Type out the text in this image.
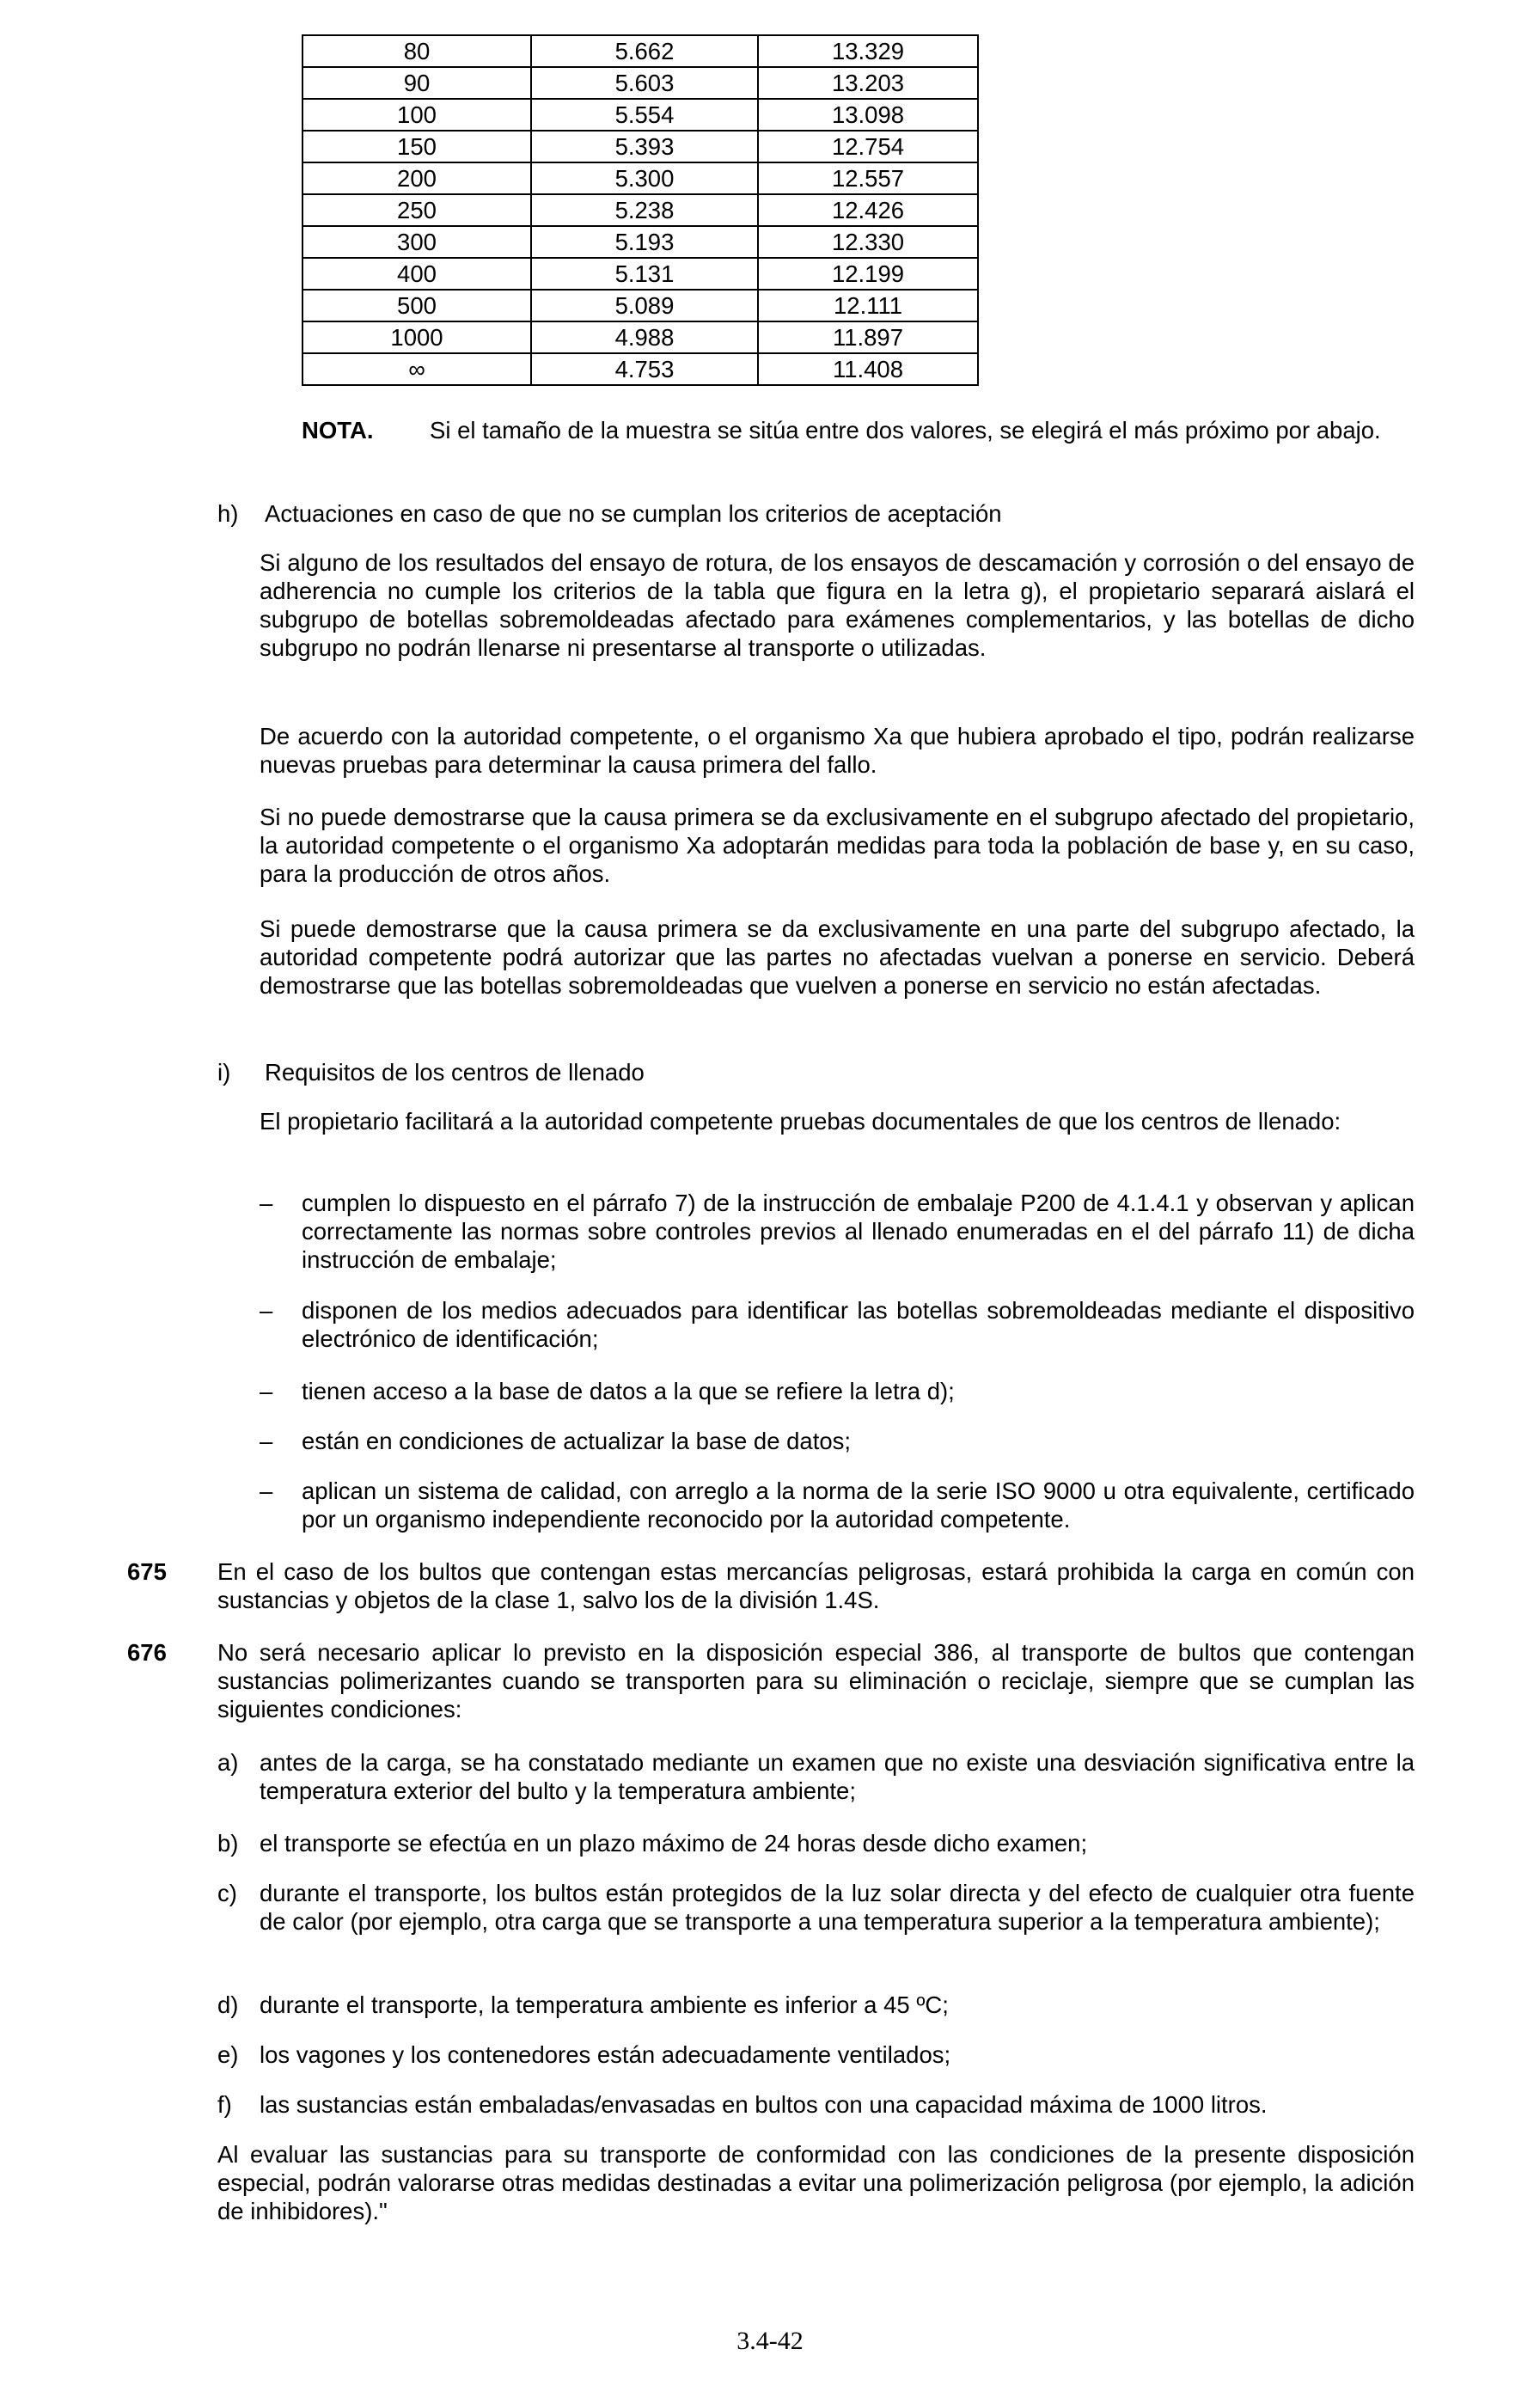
80	5.662	13.329
90	5.603	13.203
100	5.554	13.098
150	5.393	12.754
200	5.300	12.557
250	5.238	12.426
300	5.193	12.330
400	5.131	12.199
500	5.089	12.111
1000	4.988	11.897
∞	4.753	11.408
NOTA. Si el tamaño de la muestra se sitúa entre dos valores, se elegirá el más próximo por abajo.
h) Actuaciones en caso de que no se cumplan los criterios de aceptación
Si alguno de los resultados del ensayo de rotura, de los ensayos de descamación y corrosión o del ensayo de adherencia no cumple los criterios de la tabla que figura en la letra g), el propietario separará aislará el subgrupo de botellas sobremoldeadas afectado para exámenes complementarios, y las botellas de dicho subgrupo no podrán llenarse ni presentarse al transporte o utilizadas.
De acuerdo con la autoridad competente, o el organismo Xa que hubiera aprobado el tipo, podrán realizarse nuevas pruebas para determinar la causa primera del fallo.
Si no puede demostrarse que la causa primera se da exclusivamente en el subgrupo afectado del propietario, la autoridad competente o el organismo Xa adoptarán medidas para toda la población de base y, en su caso, para la producción de otros años.
Si puede demostrarse que la causa primera se da exclusivamente en una parte del subgrupo afectado, la autoridad competente podrá autorizar que las partes no afectadas vuelvan a ponerse en servicio. Deberá demostrarse que las botellas sobremoldeadas que vuelven a ponerse en servicio no están afectadas.
i) Requisitos de los centros de llenado
El propietario facilitará a la autoridad competente pruebas documentales de que los centros de llenado:
– cumplen lo dispuesto en el párrafo 7) de la instrucción de embalaje P200 de 4.1.4.1 y observan y aplican correctamente las normas sobre controles previos al llenado enumeradas en el del párrafo 11) de dicha instrucción de embalaje;
– disponen de los medios adecuados para identificar las botellas sobremoldeadas mediante el dispositivo electrónico de identificación;
– tienen acceso a la base de datos a la que se refiere la letra d);
– están en condiciones de actualizar la base de datos;
– aplican un sistema de calidad, con arreglo a la norma de la serie ISO 9000 u otra equivalente, certificado por un organismo independiente reconocido por la autoridad competente.
675 En el caso de los bultos que contengan estas mercancías peligrosas, estará prohibida la carga en común con sustancias y objetos de la clase 1, salvo los de la división 1.4S.
676 No será necesario aplicar lo previsto en la disposición especial 386, al transporte de bultos que contengan sustancias polimerizantes cuando se transporten para su eliminación o reciclaje, siempre que se cumplan las siguientes condiciones:
a) antes de la carga, se ha constatado mediante un examen que no existe una desviación significativa entre la temperatura exterior del bulto y la temperatura ambiente;
b) el transporte se efectúa en un plazo máximo de 24 horas desde dicho examen;
c) durante el transporte, los bultos están protegidos de la luz solar directa y del efecto de cualquier otra fuente de calor (por ejemplo, otra carga que se transporte a una temperatura superior a la temperatura ambiente);
d) durante el transporte, la temperatura ambiente es inferior a 45 ºC;
e) los vagones y los contenedores están adecuadamente ventilados;
f) las sustancias están embaladas/envasadas en bultos con una capacidad máxima de 1000 litros.
Al evaluar las sustancias para su transporte de conformidad con las condiciones de la presente disposición especial, podrán valorarse otras medidas destinadas a evitar una polimerización peligrosa (por ejemplo, la adición de inhibidores)."
3.4-42
